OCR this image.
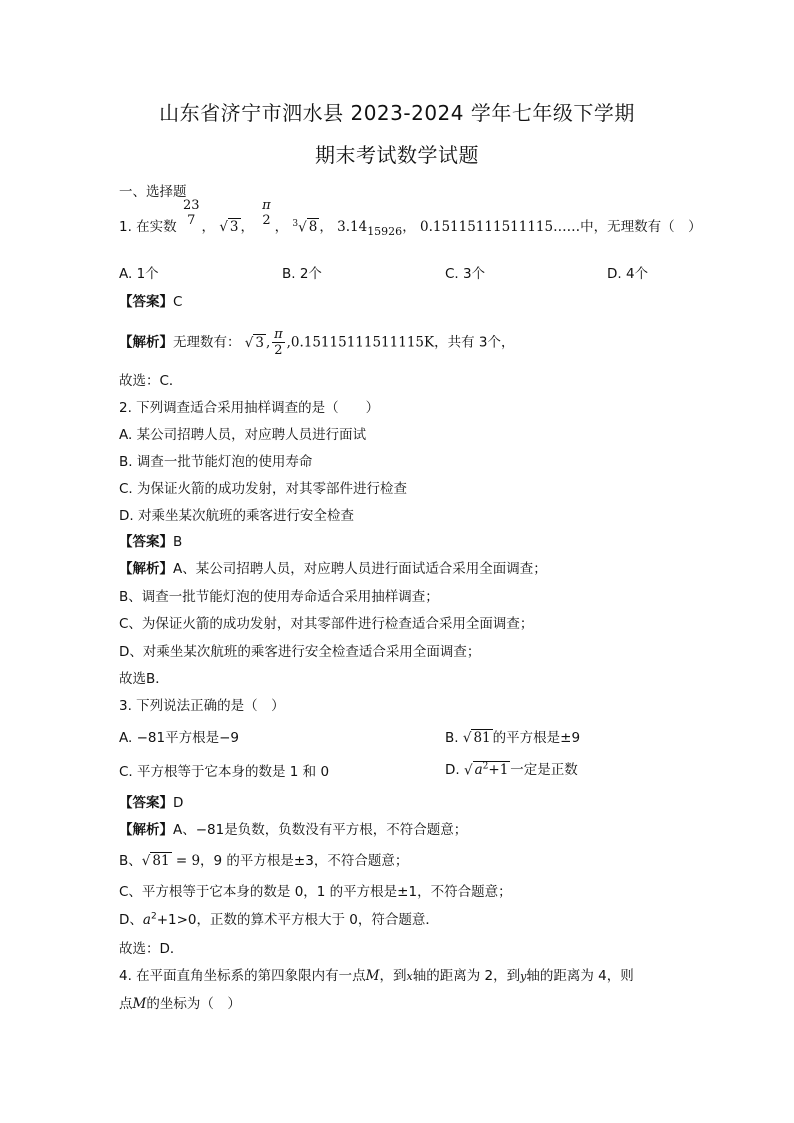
山东省济宁市泗水县 2023-2024 学年七年级下学期
期末考试数学试题
一、选择题
1. 在实数
23
7 ， √ 3 ，
π
2 ， $^3$√ 8 ， $3.14_{15926}$， 0.15115111511115……中，无理数有（　）
A. 1个	B. 2个	C. 3个	D. 4个
【答案】C
【解析】无理数有： √ 3 , $\frac{\pi}{2} ,0.15115111511115K$，共有 3个，
故选：C．
2. 下列调查适合采用抽样调查的是（　　）
A. 某公司招聘人员，对应聘人员进行面试
B. 调查一批节能灯泡的使用寿命
C. 为保证火箭的成功发射，对其零部件进行检查
D. 对乘坐某次航班的乘客进行安全检查
【答案】B
【解析】A、某公司招聘人员，对应聘人员进行面试适合采用全面调查；
B、调查一批节能灯泡的使用寿命适合采用抽样调查；
C、为保证火箭的成功发射，对其零部件进行检查适合采用全面调查；
D、对乘坐某次航班的乘客进行安全检查适合采用全面调查；
故选B．
3. 下列说法正确的是（　）
A. −81平方根是−9	B. √ 81 的平方根是±9
C. 平方根等于它本身的数是 1 和 0	D. √ $a^2+1$ 一定是正数
【答案】D
【解析】A、−81是负数，负数没有平方根，不符合题意；
B、√ 81 = 9，9 的平方根是±3，不符合题意；
C、平方根等于它本身的数是 0，1 的平方根是±1，不符合题意；
D、$a^2+1>0$，正数的算术平方根大于 0，符合题意．
故选：D．
4. 在平面直角坐标系的第四象限内有一点M，到x轴的距离为 2，到y轴的距离为 4，则
点M的坐标为（　）
